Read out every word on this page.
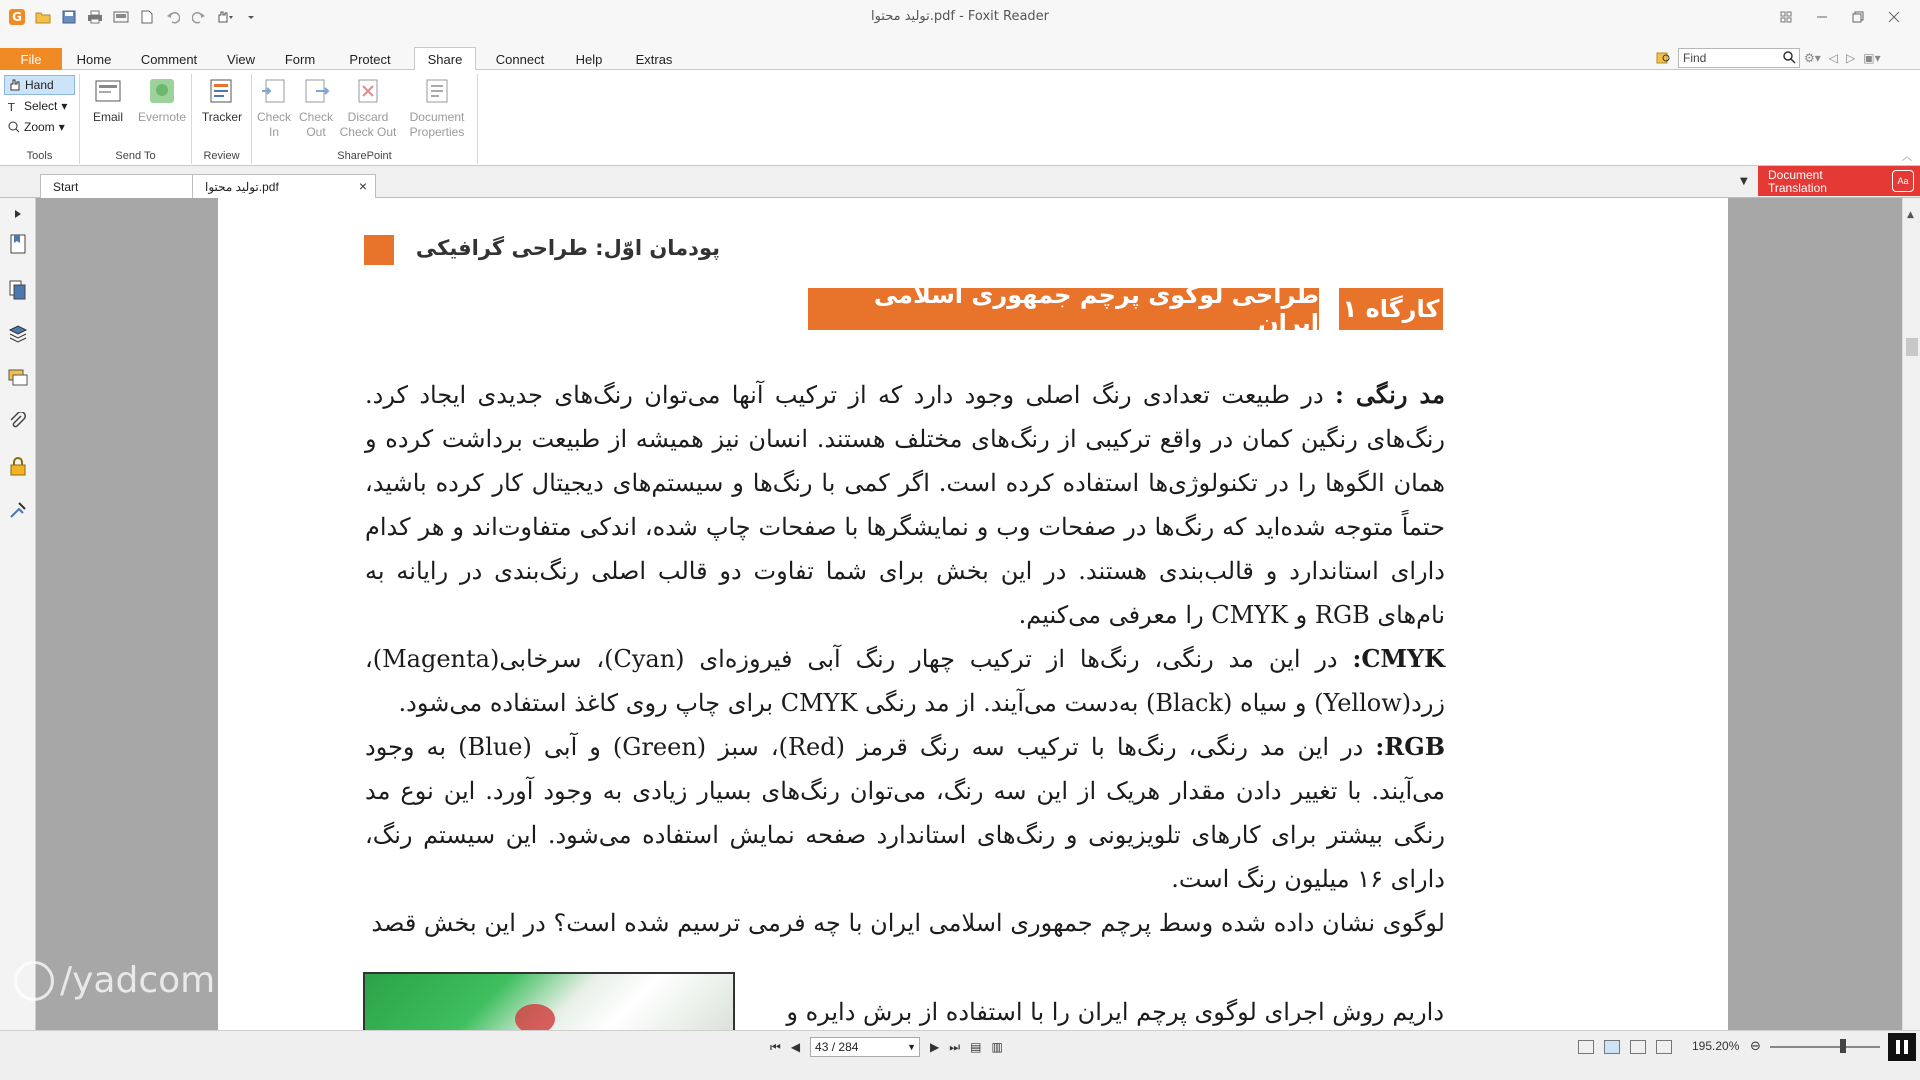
G	تولید محتوا.pdf - Foxit Reader
File	Home	Comment	View	Form	Protect	Share	Connect	Help	Extras	Find	⚙▾ ◁ ▷ ▣▾
Hand
T Select ▾
Zoom ▾
Tools
Email	Evernote
Send To
Tracker
Review
Check
In
Check
Out
Discard
Check Out
Document
Properties
SharePoint	︿
Start	تولید محتوا.pdf	×	▼ Document
Translation
Aa
پودمان اوّل: طراحی گرافیکی
کارگاه ۱
طراحی لوگوی پرچم جمهوری اسلامی ایران

مد رنگی : در طبیعت تعدادی رنگ اصلی وجود دارد که از ترکیب آنها می‌توان رنگ‌های جدیدی ایجاد کرد. رنگ‌های رنگین کمان در واقع ترکیبی از رنگ‌های مختلف هستند. انسان نیز همیشه از طبیعت برداشت کرده و همان الگوها را در تکنولوژی‌ها استفاده کرده است. اگر کمی با رنگ‌ها و سیستم‌های دیجیتال کار کرده باشید، حتماً متوجه شده‌اید که رنگ‌ها در صفحات وب و نمایشگرها با صفحات چاپ شده، اندکی متفاوت‌اند و هر کدام دارای استاندارد و قالب‌بندی هستند. در این بخش برای شما تفاوت دو قالب اصلی رنگ‌بندی در رایانه به نام‌های RGB و CMYK را معرفی می‌کنیم.

CMYK: در این مد رنگی، رنگ‌ها از ترکیب چهار رنگ آبی فیروزه‌ای (Cyan)، سرخابی(Magenta)، زرد(Yellow) و سیاه (Black) به‌دست می‌آیند. از مد رنگی CMYK برای چاپ روی کاغذ استفاده می‌شود.

RGB: در این مد رنگی، رنگ‌ها با ترکیب سه رنگ قرمز (Red)، سبز (Green) و آبی (Blue) به وجود می‌آیند. با تغییر دادن مقدار هریک از این سه رنگ، می‌توان رنگ‌های بسیار زیادی به وجود آورد. این نوع مد رنگی بیشتر برای کارهای تلویزیونی و رنگ‌های استاندارد صفحه نمایش استفاده می‌شود. این سیستم رنگ، دارای ۱۶ میلیون رنگ است.

لوگوی نشان داده شده وسط پرچم جمهوری اسلامی ایران با چه فرمی ترسیم شده است؟ در این بخش قصد

داریم روش اجرای لوگوی پرچم ایران را با استفاده از برش دایره و
▲
/yadcom10
⏮ ◀	43 / 284	▼ ▶ ⏭ ▤ ▥	195.20% ⊖
